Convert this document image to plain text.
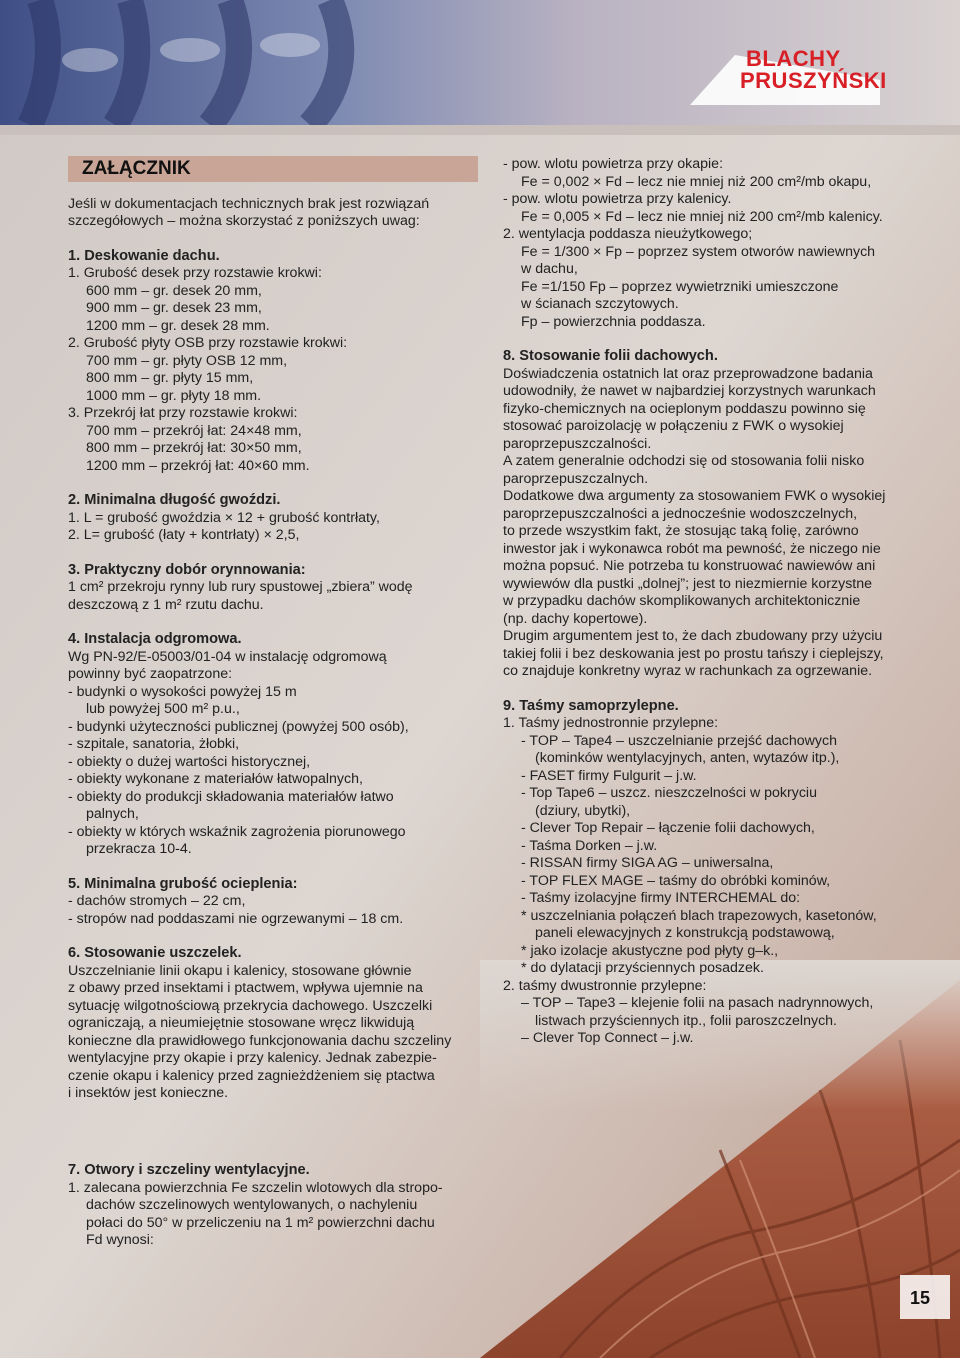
BLACHY
PRUSZYŃSKI
ZAŁĄCZNIK

Jeśli w dokumentacjach technicznych brak jest rozwiązań

szczegółowych – można skorzystać z poniższych uwag:

1. Deskowanie dachu.

1. Grubość desek przy rozstawie krokwi:

600 mm – gr. desek 20 mm,

900 mm – gr. desek 23 mm,

1200 mm – gr. desek 28 mm.

2. Grubość płyty OSB przy rozstawie krokwi:

700 mm – gr. płyty OSB 12 mm,

800 mm – gr. płyty 15 mm,

1000 mm – gr. płyty 18 mm.

3. Przekrój łat przy rozstawie krokwi:

700 mm – przekrój łat: 24×48 mm,

800 mm – przekrój łat: 30×50 mm,

1200 mm – przekrój łat: 40×60 mm.

2. Minimalna długość gwoździ.

1. L = grubość gwoździa × 12 + grubość kontrłaty,

2. L= grubość (łaty + kontrłaty) × 2,5,

3. Praktyczny dobór orynnowania:

1 cm² przekroju rynny lub rury spustowej „zbiera” wodę

deszczową z 1 m² rzutu dachu.

4. Instalacja odgromowa.

Wg PN-92/E-05003/01-04 w instalację odgromową

powinny być zaopatrzone:

- budynki o wysokości powyżej 15 m

lub powyżej 500 m² p.u.,

- budynki użyteczności publicznej (powyżej 500 osób),

- szpitale, sanatoria, żłobki,

- obiekty o dużej wartości historycznej,

- obiekty wykonane z materiałów łatwopalnych,

- obiekty do produkcji składowania materiałów łatwo

palnych,

- obiekty w których wskaźnik zagrożenia piorunowego

przekracza 10-4.

5. Minimalna grubość ocieplenia:

- dachów stromych – 22 cm,

- stropów nad poddaszami nie ogrzewanymi – 18 cm.

6. Stosowanie uszczelek.

Uszczelnianie linii okapu i kalenicy, stosowane głównie

z obawy przed insektami i ptactwem, wpływa ujemnie na

sytuację wilgotnościową przekrycia dachowego. Uszczelki

ograniczają, a nieumiejętnie stosowane wręcz likwidują

konieczne dla prawidłowego funkcjonowania dachu szczeliny

wentylacyjne przy okapie i przy kalenicy. Jednak zabezpie-

czenie okapu i kalenicy przed zagnieżdżeniem się ptactwa

i insektów jest konieczne.

7. Otwory i szczeliny wentylacyjne.

1. zalecana powierzchnia Fe szczelin wlotowych dla stropo-

dachów szczelinowych wentylowanych, o nachyleniu

połaci do 50° w przeliczeniu na 1 m² powierzchni dachu

Fd wynosi:

- pow. wlotu powietrza przy okapie:

Fe = 0,002 × Fd – lecz nie mniej niż 200 cm²/mb okapu,

- pow. wlotu powietrza przy kalenicy.

Fe = 0,005 × Fd – lecz nie mniej niż 200 cm²/mb kalenicy.

2. wentylacja poddasza nieużytkowego;

Fe = 1/300 × Fp – poprzez system otworów nawiewnych

w dachu,

Fe =1/150 Fp – poprzez wywietrzniki umieszczone

w ścianach szczytowych.

Fp – powierzchnia poddasza.

8. Stosowanie folii dachowych.

Doświadczenia ostatnich lat oraz przeprowadzone badania

udowodniły, że nawet w najbardziej korzystnych warunkach

fizyko-chemicznych na ocieplonym poddaszu powinno się

stosować paroizolację w połączeniu z FWK o wysokiej

paroprzepuszczalności.

A zatem generalnie odchodzi się od stosowania folii nisko

paroprzepuszczalnych.

Dodatkowe dwa argumenty za stosowaniem FWK o wysokiej

paroprzepuszczalności a jednocześnie wodoszczelnych,

to przede wszystkim fakt, że stosując taką folię, zarówno

inwestor jak i wykonawca robót ma pewność, że niczego nie

można popsuć. Nie potrzeba tu konstruować nawiewów ani

wywiewów dla pustki „dolnej”; jest to niezmiernie korzystne

w przypadku dachów skomplikowanych architektonicznie

(np. dachy kopertowe).

Drugim argumentem jest to, że dach zbudowany przy użyciu

takiej folii i bez deskowania jest po prostu tańszy i cieplejszy,

co znajduje konkretny wyraz w rachunkach za ogrzewanie.

9. Taśmy samoprzylepne.

1. Taśmy jednostronnie przylepne:

- TOP – Tape4 – uszczelnianie przejść dachowych

(kominków wentylacyjnych, anten, wytazów itp.),

- FASET firmy Fulgurit – j.w.

- Top Tape6 – uszcz. nieszczelności w pokryciu

(dziury, ubytki),

- Clever Top Repair – łączenie folii dachowych,

- Taśma Dorken – j.w.

- RISSAN firmy SIGA AG – uniwersalna,

- TOP FLEX MAGE – taśmy do obróbki kominów,

- Taśmy izolacyjne firmy INTERCHEMAL do:

* uszczelniania połączeń blach trapezowych, kasetonów,

paneli elewacyjnych z konstrukcją podstawową,

* jako izolacje akustyczne pod płyty g–k.,

* do dylatacji przyściennych posadzek.

2. taśmy dwustronnie przylepne:

– TOP – Tape3 – klejenie folii na pasach nadrynnowych,

listwach przyściennych itp., folii paroszczelnych.

– Clever Top Connect – j.w.

15
